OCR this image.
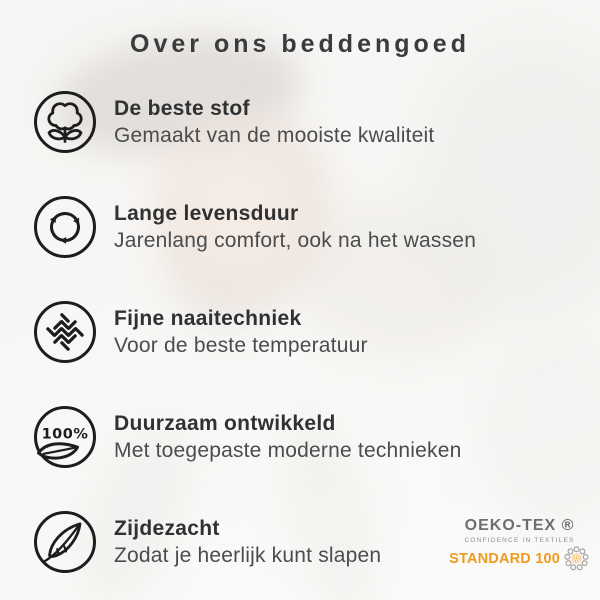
Over ons beddengoed
De beste stof
Gemaakt van de mooiste kwaliteit
Lange levensduur
Jarenlang comfort, ook na het wassen
Fijne naaitechniek
Voor de beste temperatuur
100% Duurzaam ontwikkeld
Met toegepaste moderne technieken
Zijdezacht
Zodat je heerlijk kunt slapen
OEKO-TEX ®
CONFIDENCE IN TEXTILES
STANDARD 100
